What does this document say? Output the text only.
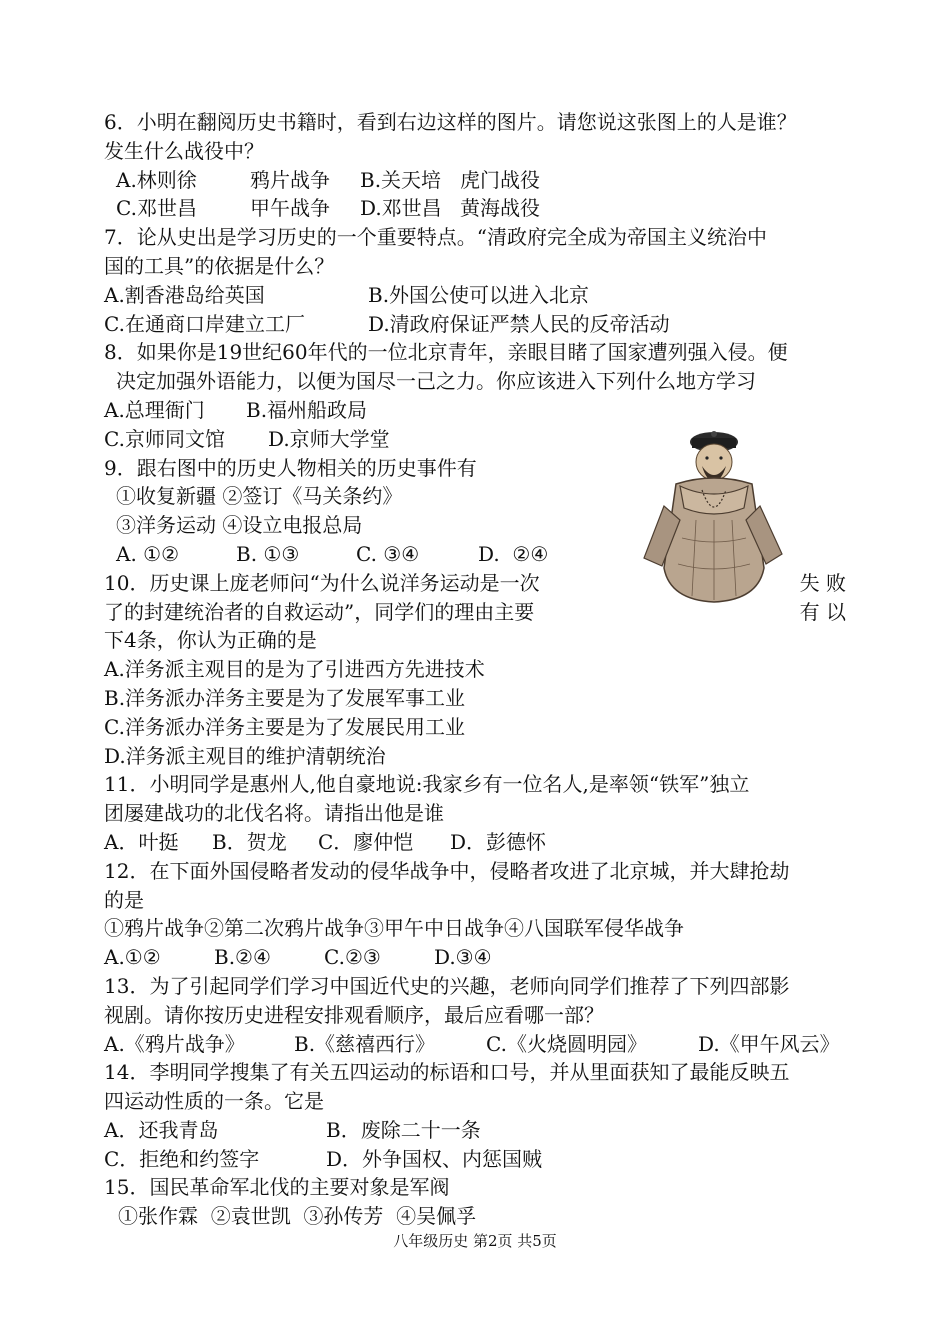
6．小明在翻阅历史书籍时，看到右边这样的图片。请您说这张图上的人是谁？
发生什么战役中？
A.林则徐	鸦片战争 B.关天培 虎门战役
C.邓世昌	甲午战争 D.邓世昌 黄海战役
7．论从史出是学习历史的一个重要特点。“清政府完全成为帝国主义统治中
国的工具”的依据是什么？
A.割香港岛给英国	B.外国公使可以进入北京
C.在通商口岸建立工厂	D.清政府保证严禁人民的反帝活动
8．如果你是19世纪60年代的一位北京青年，亲眼目睹了国家遭列强入侵。便
决定加强外语能力，以便为国尽一己之力。你应该进入下列什么地方学习
A.总理衙门 B.福州船政局
C.京师同文馆 D.京师大学堂
9．跟右图中的历史人物相关的历史事件有
①收复新疆 ②签订《马关条约》
③洋务运动 ④设立电报总局
A. ①②	B. ①③	C. ③④	D.  ②④
10．历史课上庞老师问“为什么说洋务运动是一次	失 败
了的封建统治者的自救运动”，同学们的理由主要	有 以
下4条，你认为正确的是
A.洋务派主观目的是为了引进西方先进技术
B.洋务派办洋务主要是为了发展军事工业
C.洋务派办洋务主要是为了发展民用工业
D.洋务派主观目的维护清朝统治
11．小明同学是惠州人,他自豪地说:我家乡有一位名人,是率领“铁军”独立
团屡建战功的北伐名将。请指出他是谁
A．叶挺 B．贺龙 C．廖仲恺 D．彭德怀
12．在下面外国侵略者发动的侵华战争中，侵略者攻进了北京城，并大肆抢劫
的是
①鸦片战争②第二次鸦片战争③甲午中日战争④八国联军侵华战争
A.①②	B.②④	C.②③	D.③④
13．为了引起同学们学习中国近代史的兴趣，老师向同学们推荐了下列四部影
视剧。请你按历史进程安排观看顺序，最后应看哪一部？
A.《鸦片战争》 B.《慈禧西行》	C.《火烧圆明园》	D.《甲午风云》
14．李明同学搜集了有关五四运动的标语和口号，并从里面获知了最能反映五
四运动性质的一条。它是
A．还我青岛	B．废除二十一条
C．拒绝和约签字	D．外争国权、内惩国贼
15．国民革命军北伐的主要对象是军阀
①张作霖  ②袁世凯  ③孙传芳  ④吴佩孚
八年级历史 第2页 共5页
